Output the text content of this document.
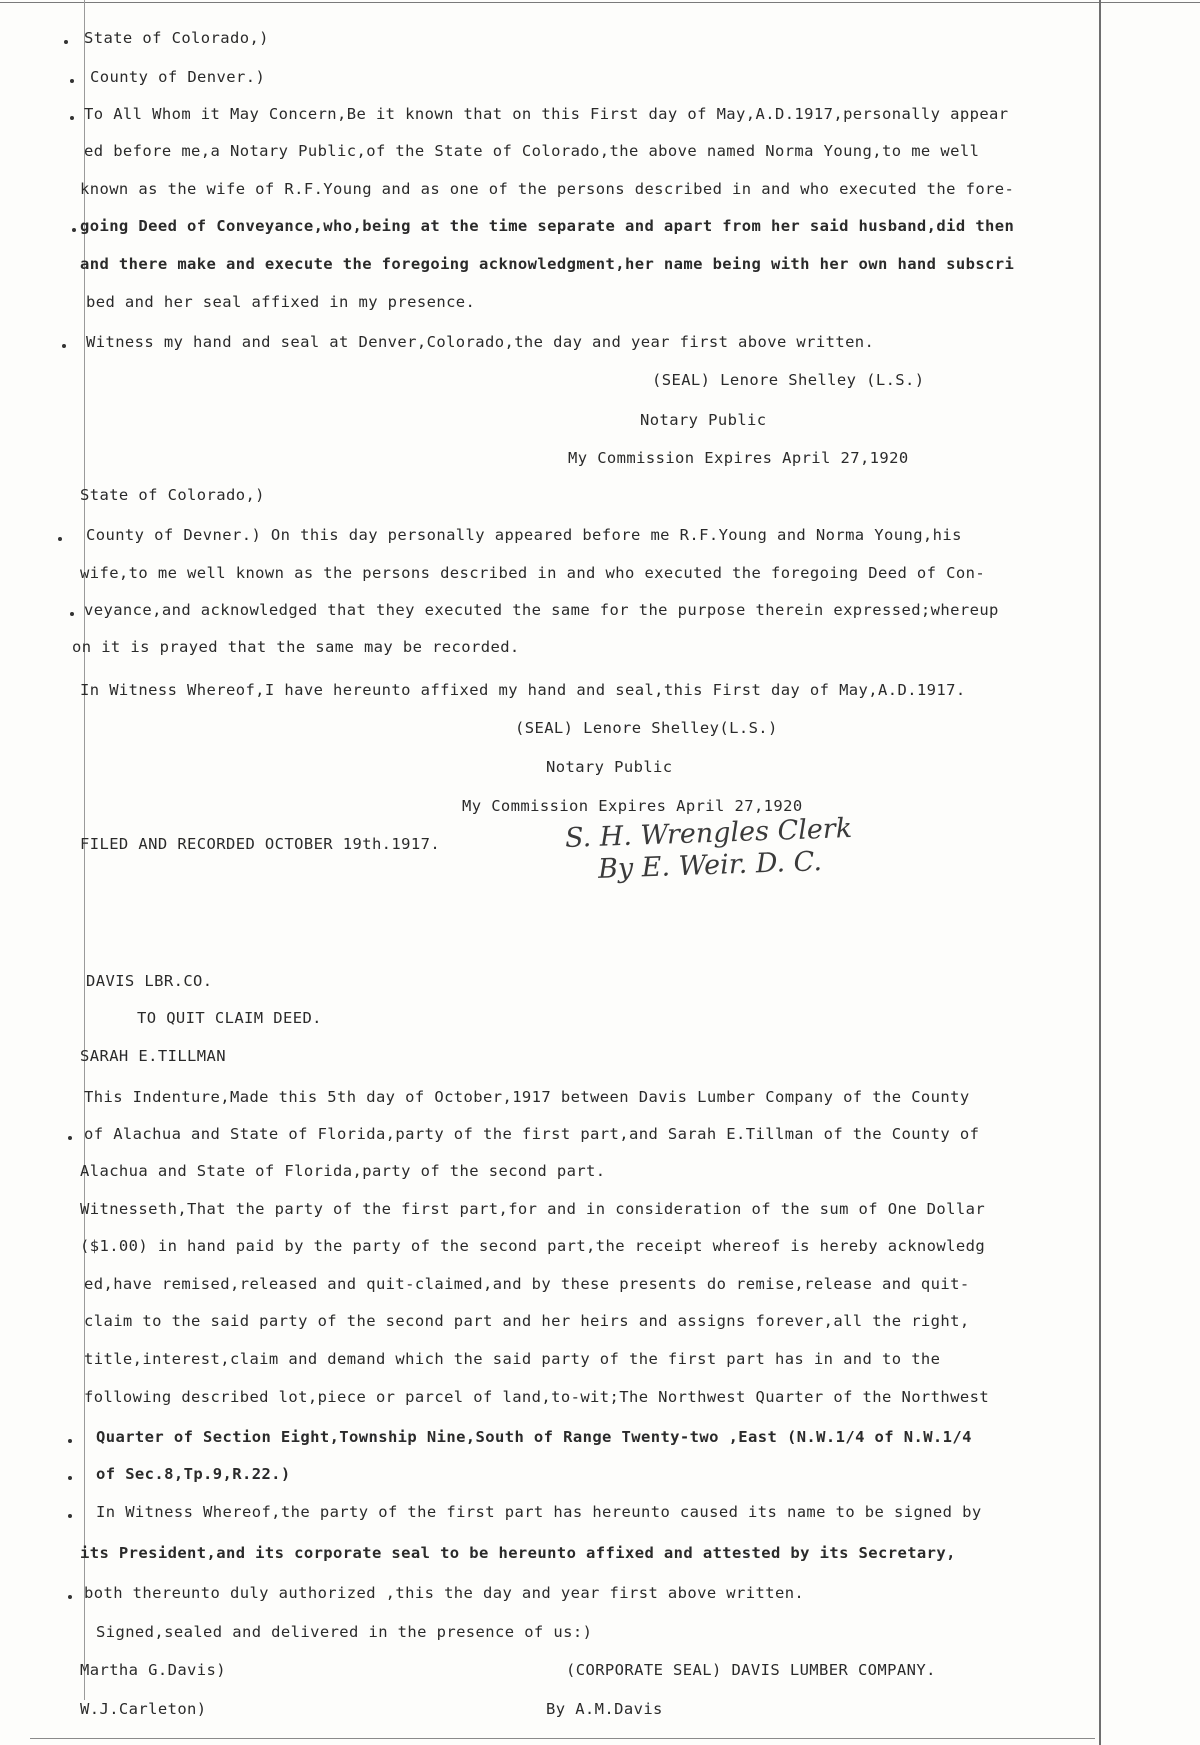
State of Colorado,)
County of Denver.)
To All Whom it May Concern,Be it known that on this First day of May,A.D.1917,personally appear
ed before me,a Notary Public,of the State of Colorado,the above named Norma Young,to me well
known as the wife of R.F.Young and as one of the persons described in and who executed the fore-
going Deed of Conveyance,who,being at the time separate and apart from her said husband,did then
and there make and execute the foregoing acknowledgment,her name being with her own hand subscri
bed and her seal affixed in my presence.
Witness my hand and seal at Denver,Colorado,the day and year first above written.
(SEAL) Lenore Shelley (L.S.)
Notary Public
My Commission Expires April 27,1920
State of Colorado,)
County of Devner.) On this day personally appeared before me R.F.Young and Norma Young,his
wife,to me well known as the persons described in and who executed the foregoing Deed of Con-
veyance,and acknowledged that they executed the same for the purpose therein expressed;whereup
on it is prayed that the same may be recorded.
In Witness Whereof,I have hereunto affixed my hand and seal,this First day of May,A.D.1917.
(SEAL) Lenore Shelley(L.S.)
Notary Public
My Commission Expires April 27,1920
FILED AND RECORDED OCTOBER 19th.1917.	S. H. Wrengles Clerk
By E. Weir. D. C.
DAVIS LBR.CO.
TO QUIT CLAIM DEED.
SARAH E.TILLMAN
This Indenture,Made this 5th day of October,1917 between Davis Lumber Company of the County
of Alachua and State of Florida,party of the first part,and Sarah E.Tillman of the County of
Alachua and State of Florida,party of the second part.
Witnesseth,That the party of the first part,for and in consideration of the sum of One Dollar
($1.00) in hand paid by the party of the second part,the receipt whereof is hereby acknowledg
ed,have remised,released and quit-claimed,and by these presents do remise,release and quit-
claim to the said party of the second part and her heirs and assigns forever,all the right,
title,interest,claim and demand which the said party of the first part has in and to the
following described lot,piece or parcel of land,to-wit;The Northwest Quarter of the Northwest
Quarter of Section Eight,Township Nine,South of Range Twenty-two ,East (N.W.1/4 of N.W.1/4
of Sec.8,Tp.9,R.22.)
In Witness Whereof,the party of the first part has hereunto caused its name to be signed by
its President,and its corporate seal to be hereunto affixed and attested by its Secretary,
both thereunto duly authorized ,this the day and year first above written.
Signed,sealed and delivered in the presence of us:)
Martha G.Davis)	(CORPORATE SEAL) DAVIS LUMBER COMPANY.
W.J.Carleton)	By A.M.Davis
